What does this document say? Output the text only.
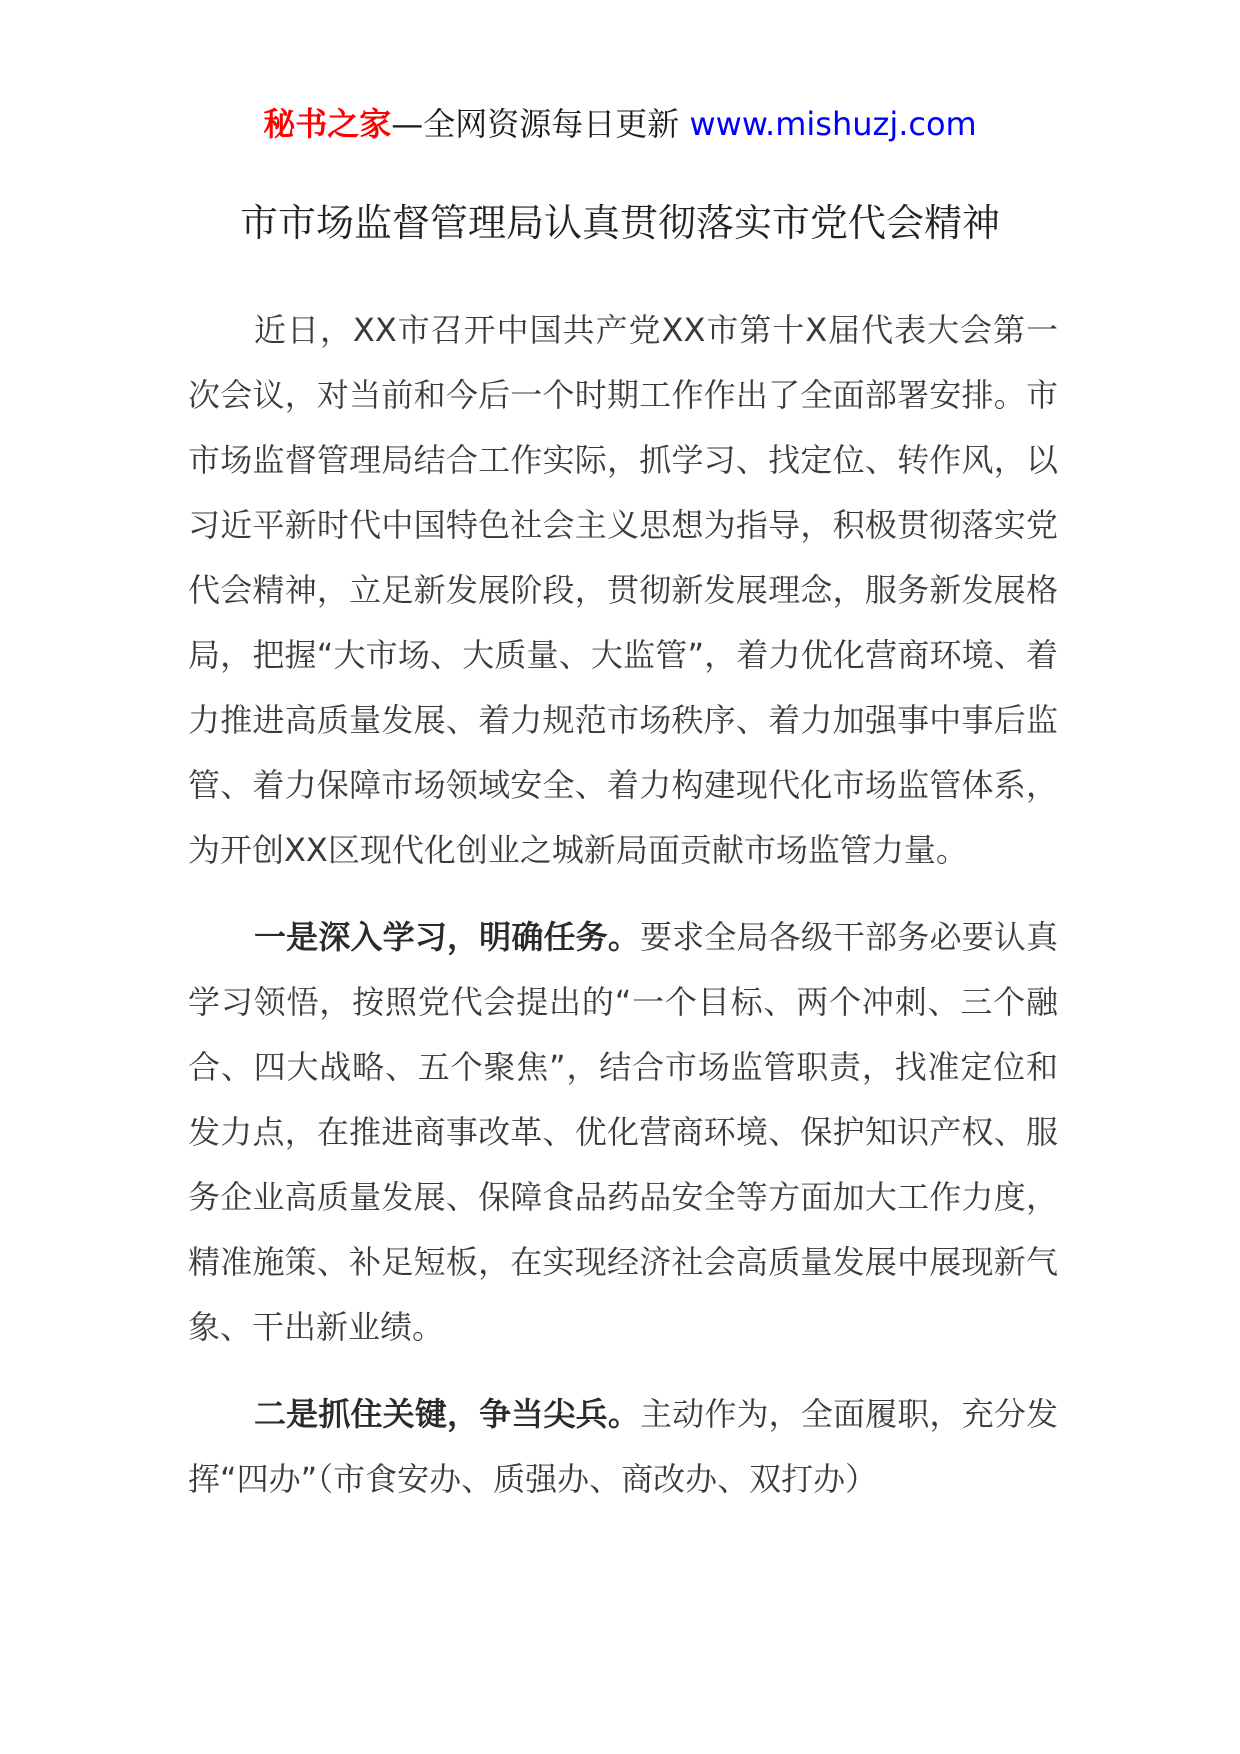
秘书之家—全网资源每日更新 www.mishuzj.com
市市场监督管理局认真贯彻落实市党代会精神

近日，XX市召开中国共产党XX市第十X届代表大会第一次会议，对当前和今后一个时期工作作出了全面部署安排。市市场监督管理局结合工作实际，抓学习、找定位、转作风，以习近平新时代中国特色社会主义思想为指导，积极贯彻落实党代会精神，立足新发展阶段，贯彻新发展理念，服务新发展格局，把握“大市场、大质量、大监管”，着力优化营商环境、着力推进高质量发展、着力规范市场秩序、着力加强事中事后监管、着力保障市场领域安全、着力构建现代化市场监管体系，为开创XX区现代化创业之城新局面贡献市场监管力量。

一是深入学习，明确任务。要求全局各级干部务必要认真学习领悟，按照党代会提出的“一个目标、两个冲刺、三个融合、四大战略、五个聚焦”，结合市场监管职责，找准定位和发力点，在推进商事改革、优化营商环境、保护知识产权、服务企业高质量发展、保障食品药品安全等方面加大工作力度，精准施策、补足短板，在实现经济社会高质量发展中展现新气象、干出新业绩。

二是抓住关键，争当尖兵。主动作为，全面履职，充分发挥“四办”（市食安办、质强办、商改办、双打办）
